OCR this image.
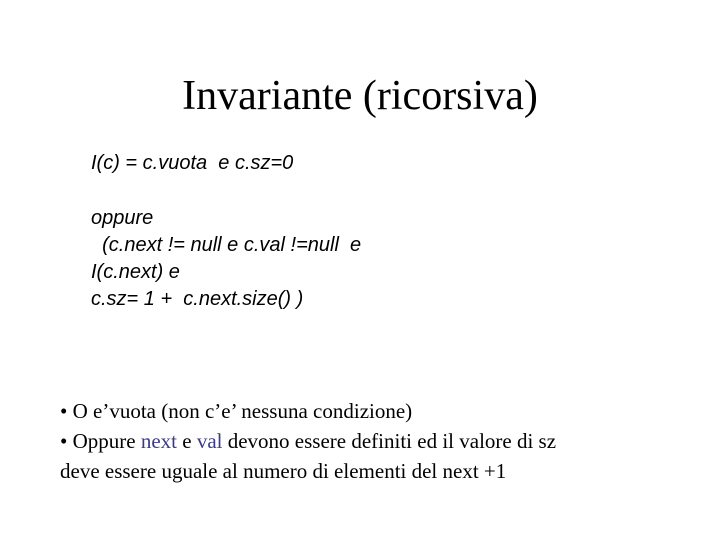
Invariante (ricorsiva)
I(c) = c.vuota  e c.sz=0
oppure
(c.next != null e c.val !=null  e
I(c.next) e
c.sz= 1 +  c.next.size() )
• O e’vuota (non c’e’ nessuna condizione)
• Oppure next e val devono essere definiti ed il valore di sz
deve essere uguale al numero di elementi del next +1
